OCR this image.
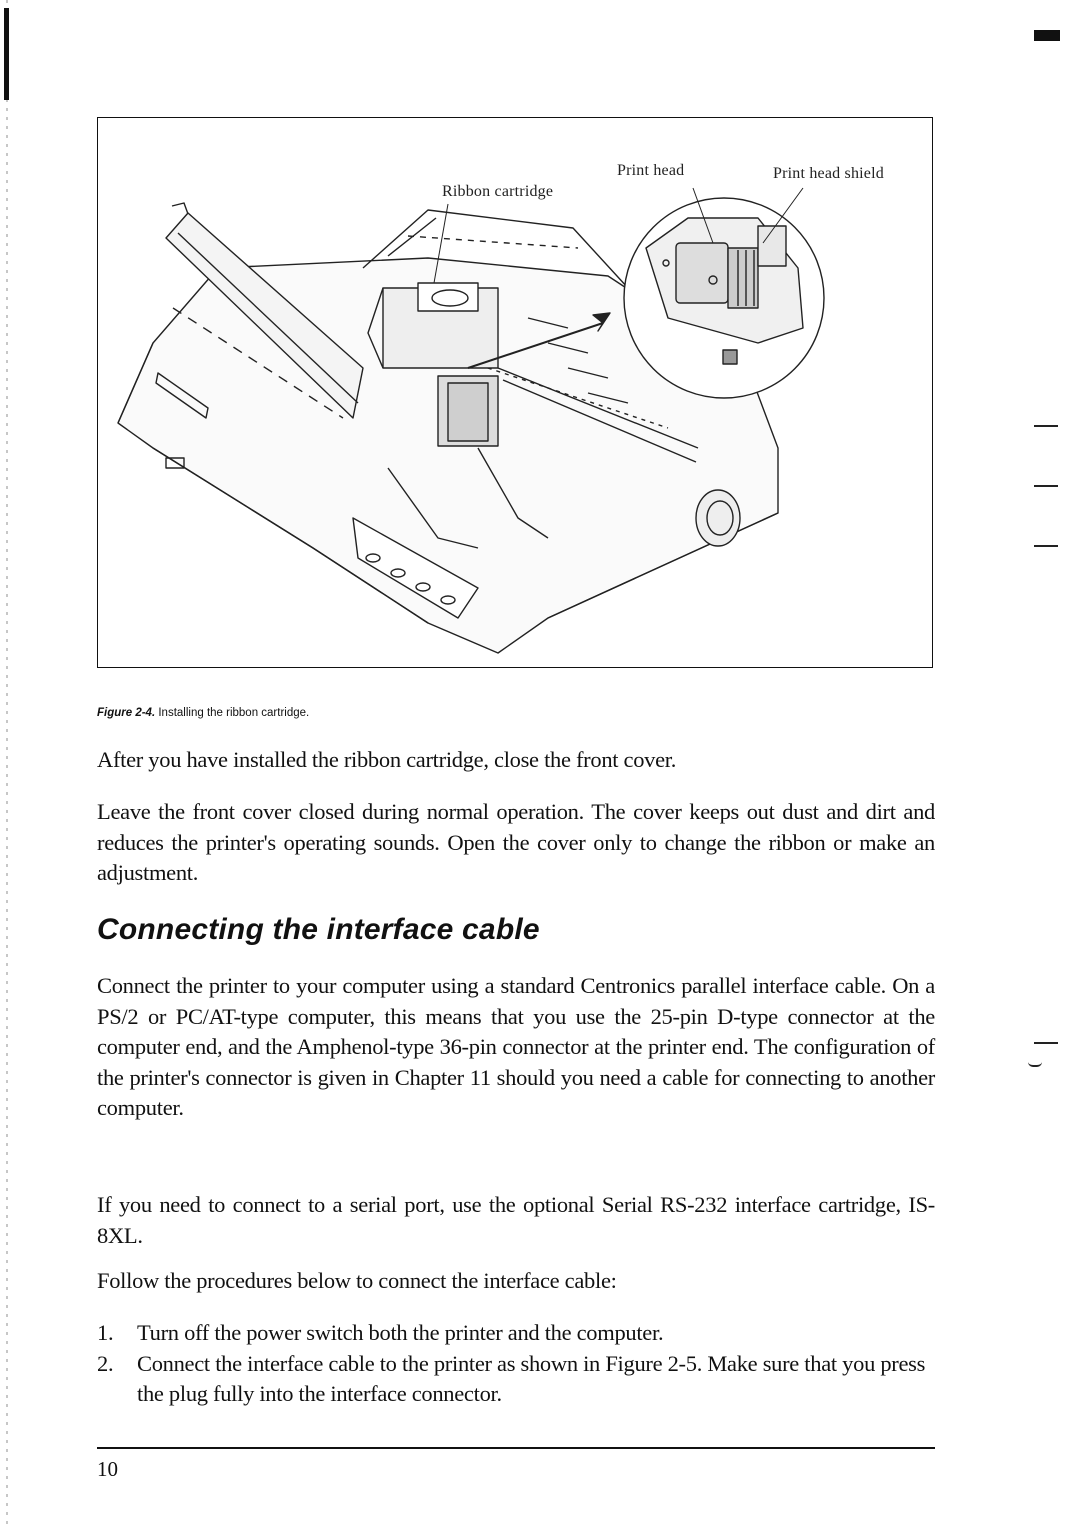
Ribbon cartridge
Print head	Print head shield
Figure 2-4. Installing the ribbon cartridge.

After you have installed the ribbon cartridge, close the front cover.

Leave the front cover closed during normal operation. The cover keeps out dust and dirt and reduces the printer's operating sounds. Open the cover only to change the ribbon or make an adjustment.

Connecting the interface cable

Connect the printer to your computer using a standard Centronics parallel interface cable. On a PS/2 or PC/AT-type computer, this means that you use the 25-pin D-type connector at the computer end, and the Amphenol-type 36-pin connector at the printer end. The configuration of the printer's connector is given in Chapter 11 should you need a cable for connecting to another computer.

If you need to connect to a serial port, use the optional Serial RS-232 interface cartridge, IS-8XL.

Follow the procedures below to connect the interface cable:

1.	Turn off the power switch both the printer and the computer.
2.	Connect the interface cable to the printer as shown in Figure 2-5. Make sure that you press the plug fully into the interface connector.
10
